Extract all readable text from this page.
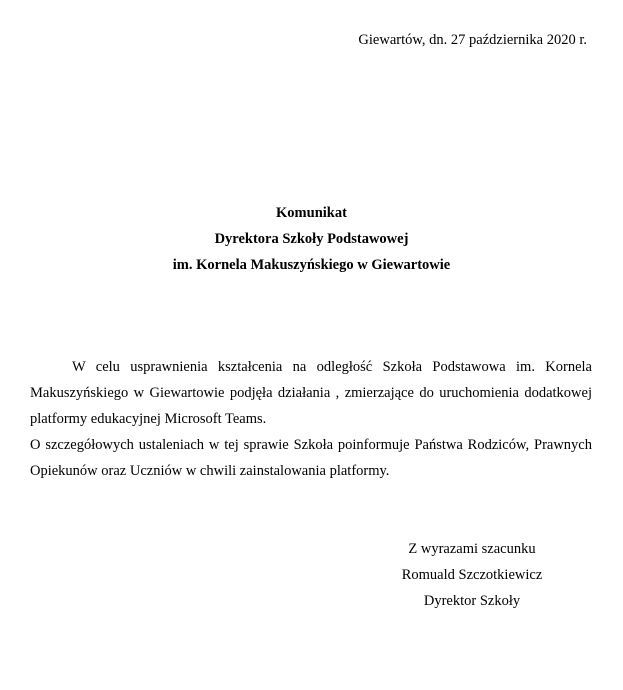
Giewartów, dn. 27 października 2020 r.
Komunikat
Dyrektora Szkoły Podstawowej
im. Kornela Makuszyńskiego w Giewartowie

W celu usprawnienia kształcenia na odległość Szkoła Podstawowa im. Kornela Makuszyńskiego w Giewartowie podjęła działania , zmierzające do uruchomienia dodatkowej platformy edukacyjnej Microsoft Teams.

O szczegółowych ustaleniach w tej sprawie Szkoła poinformuje Państwa Rodziców, Prawnych Opiekunów oraz Uczniów w chwili zainstalowania platformy.

Z wyrazami szacunku
Romuald Szczotkiewicz
Dyrektor Szkoły
